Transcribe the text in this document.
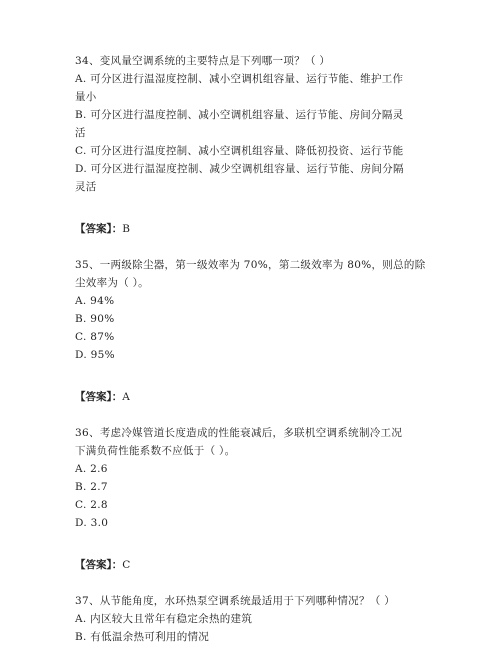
34、变风量空调系统的主要特点是下列哪一项？（ ）
A. 可分区进行温湿度控制、减小空调机组容量、运行节能、维护工作
量小
B. 可分区进行温度控制、减小空调机组容量、运行节能、房间分隔灵
活
C. 可分区进行温度控制、减小空调机组容量、降低初投资、运行节能
D. 可分区进行温湿度控制、减少空调机组容量、运行节能、房间分隔
灵活
【答案】：B
35、一两级除尘器，第一级效率为 70%，第二级效率为 80%，则总的除
尘效率为（ ）。
A. 94%
B. 90%
C. 87%
D. 95%
【答案】：A
36、考虑冷媒管道长度造成的性能衰减后，多联机空调系统制冷工况
下满负荷性能系数不应低于（ ）。
A. 2.6
B. 2.7
C. 2.8
D. 3.0
【答案】：C
37、从节能角度，水环热泵空调系统最适用于下列哪种情况？（ ）
A. 内区较大且常年有稳定余热的建筑
B. 有低温余热可利用的情况
